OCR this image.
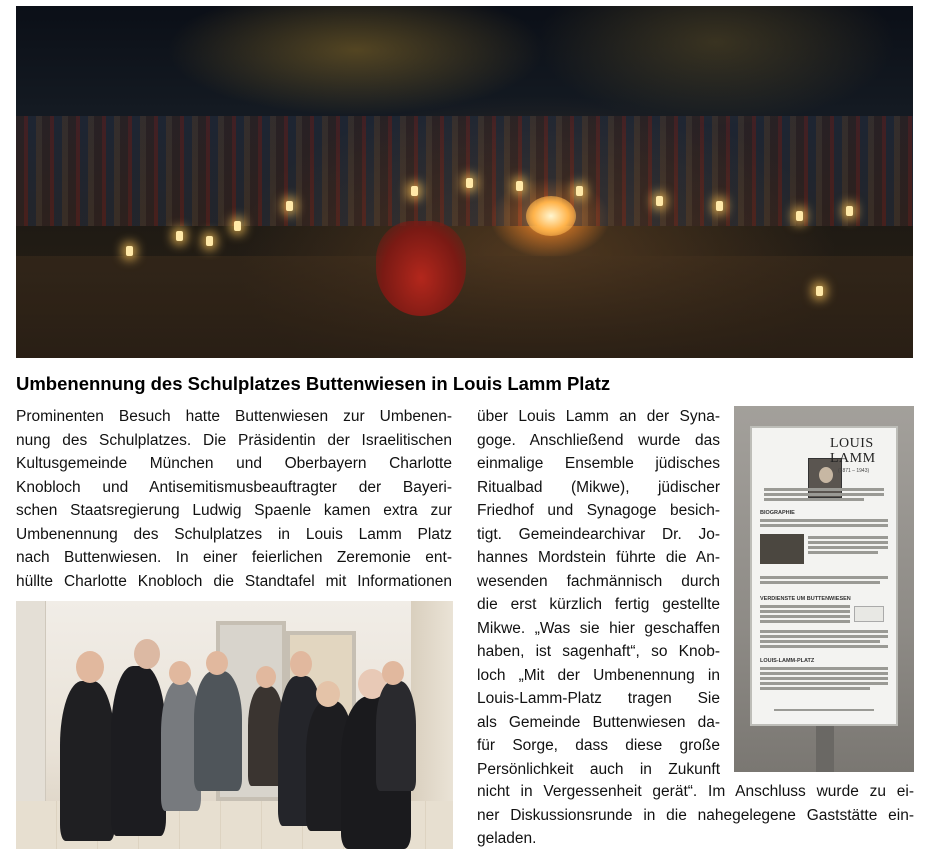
Umbenennung des Schulplatzes Buttenwiesen in Louis Lamm Platz
Prominenten Besuch hatte Buttenwiesen zur Umbenen-
nung des Schulplatzes. Die Präsidentin der Israelitischen
Kultusgemeinde München und Oberbayern Charlotte
Knobloch und Antisemitismusbeauftragter der Bayeri-
schen Staatsregierung Ludwig Spaenle kamen extra zur
Umbenennung des Schulplatzes in Louis Lamm Platz
nach Buttenwiesen. In einer feierlichen Zeremonie ent-
hüllte Charlotte Knobloch die Standtafel mit Informationen
über Louis Lamm an der Syna-
goge. Anschließend wurde das
einmalige Ensemble jüdisches
Ritualbad (Mikwe), jüdischer
Friedhof und Synagoge besich-
tigt. Gemeindearchivar Dr. Jo-
hannes Mordstein führte die An-
wesenden fachmännisch durch
die erst kürzlich fertig gestellte
Mikwe. „Was sie hier geschaffen
haben, ist sagenhaft“, so Knob-
loch „Mit der Umbenennung in
Louis-Lamm-Platz tragen Sie
als Gemeinde Buttenwiesen da-
für Sorge, dass diese große
Persönlichkeit auch in Zukunft
nicht in Vergessenheit gerät“. Im Anschluss wurde zu ei-
ner Diskussionsrunde in die nahegelegene Gaststätte ein-
geladen.
LOUIS
LAMM
(1871 – 1943)
BIOGRAPHIE
VERDIENSTE UM BUTTENWIESEN
LOUIS-LAMM-PLATZ
